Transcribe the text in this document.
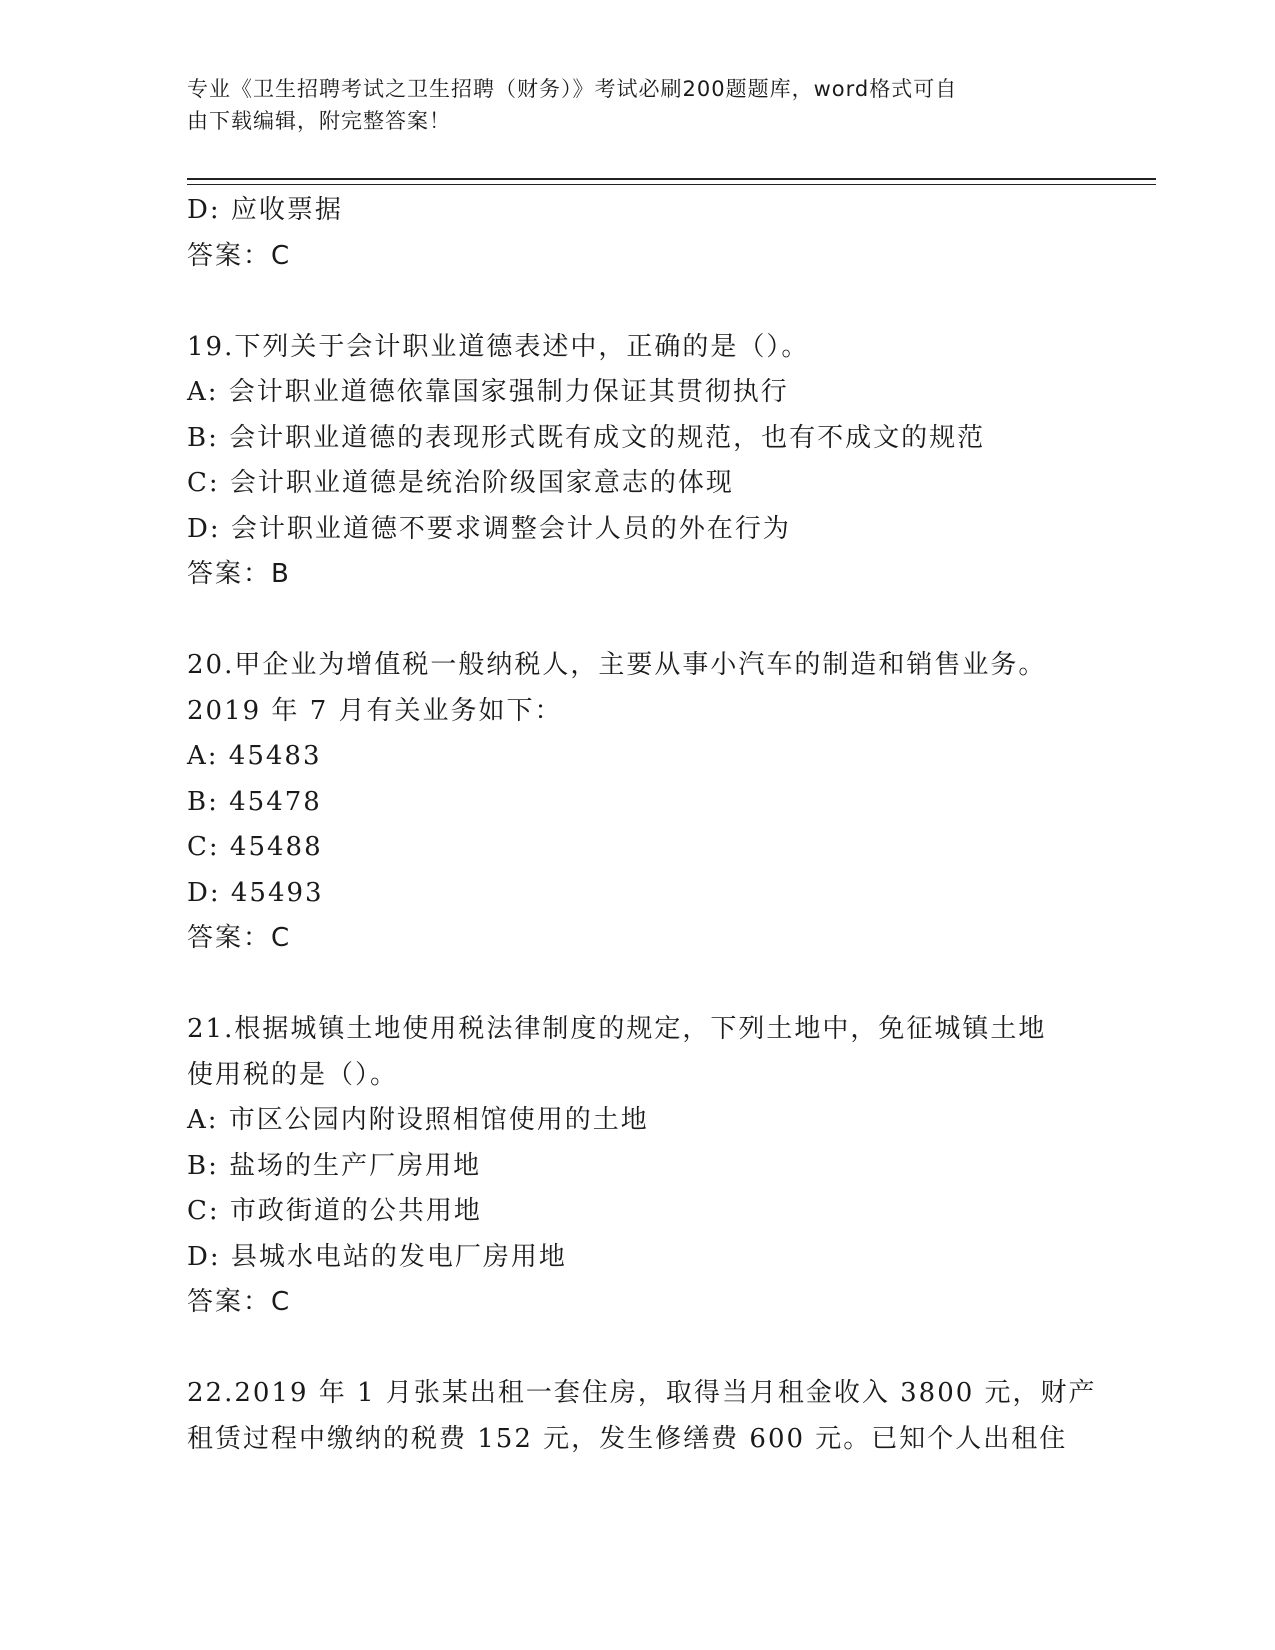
专业《卫生招聘考试之卫生招聘（财务）》考试必刷200题题库，word格式可自
由下载编辑，附完整答案！
D: 应收票据
答案：C
19.下列关于会计职业道德表述中，正确的是（）。
A: 会计职业道德依靠国家强制力保证其贯彻执行
B: 会计职业道德的表现形式既有成文的规范，也有不成文的规范
C: 会计职业道德是统治阶级国家意志的体现
D: 会计职业道德不要求调整会计人员的外在行为
答案：B
20.甲企业为增值税一般纳税人，主要从事小汽车的制造和销售业务。
2019 年 7 月有关业务如下：
A: 45483
B: 45478
C: 45488
D: 45493
答案：C
21.根据城镇土地使用税法律制度的规定，下列土地中，免征城镇土地
使用税的是（）。
A: 市区公园内附设照相馆使用的土地
B: 盐场的生产厂房用地
C: 市政街道的公共用地
D: 县城水电站的发电厂房用地
答案：C
22.2019 年 1 月张某出租一套住房，取得当月租金收入 3800 元，财产
租赁过程中缴纳的税费 152 元，发生修缮费 600 元。已知个人出租住
